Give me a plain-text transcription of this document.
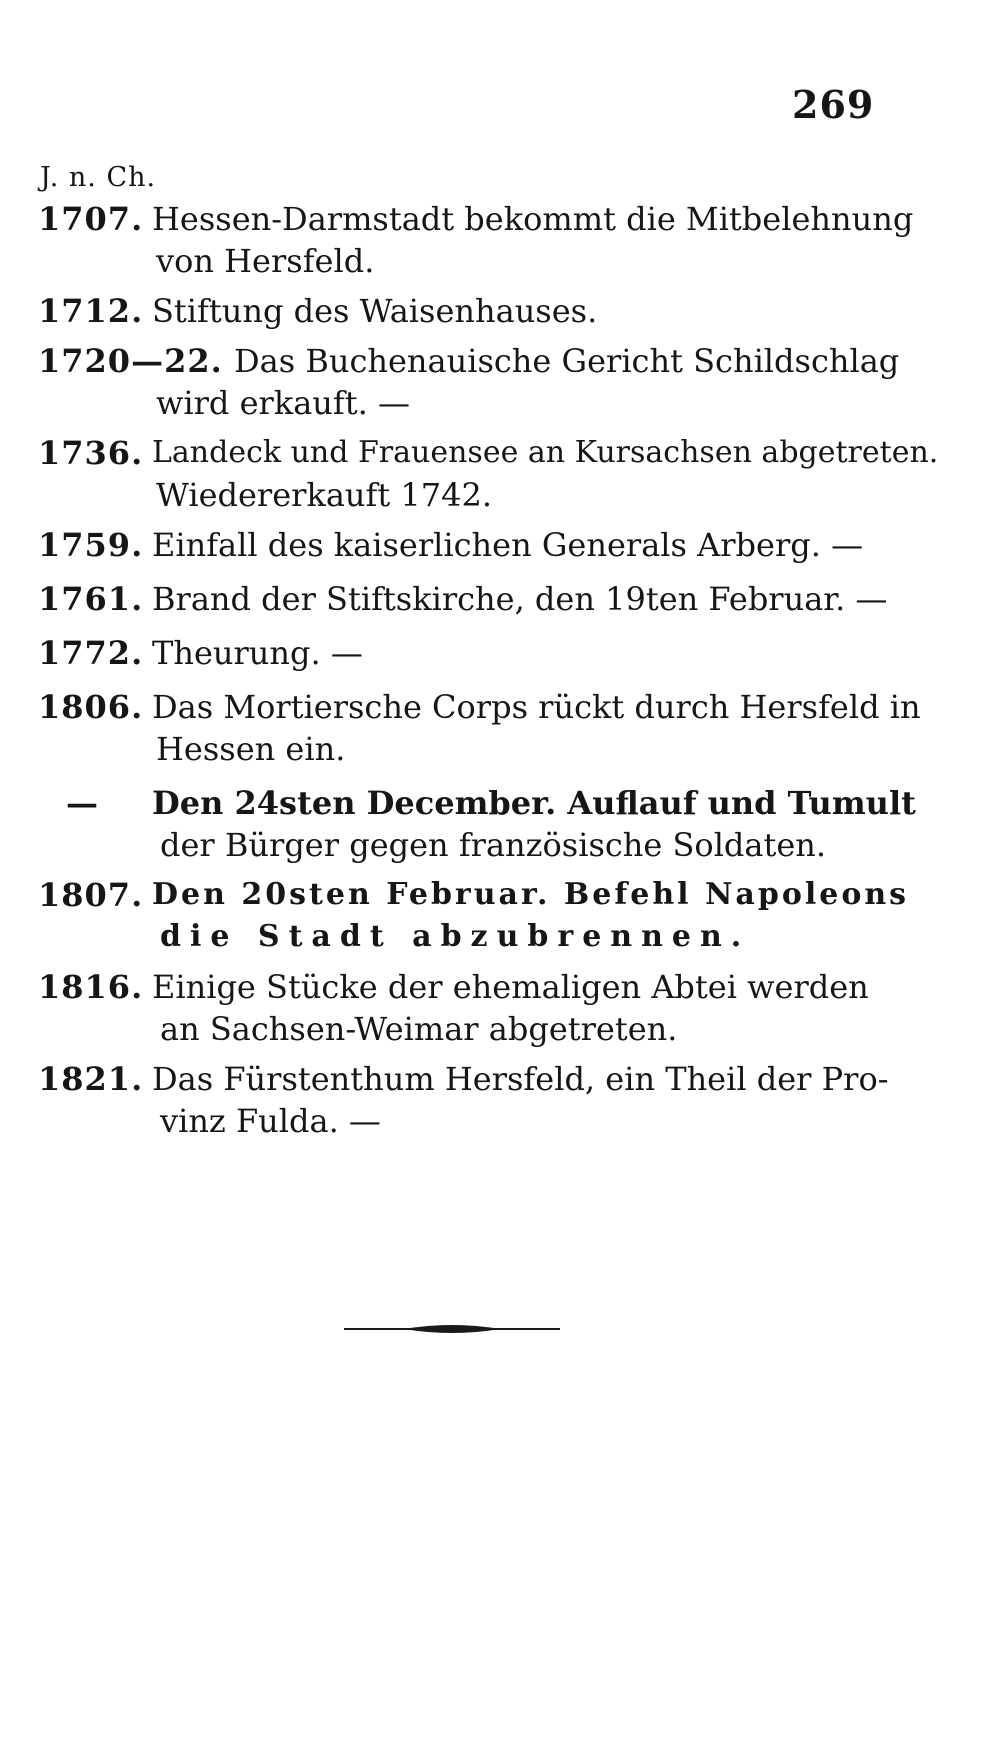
269
J. n. Ch.
1707. Hessen-Darmstadt bekommt die Mitbelehnung
von Hersfeld.
1712. Stiftung des Waisenhauses.
1720—22. Das Buchenauische Gericht Schildschlag
wird erkauft. —
1736. Landeck und Frauensee an Kursachsen abgetreten.
Wiedererkauft 1742.
1759. Einfall des kaiserlichen Generals Arberg. —
1761. Brand der Stiftskirche, den 19ten Februar. —
1772. Theurung. —
1806. Das Mortiersche Corps rückt durch Hersfeld in
Hessen ein.
—	Den 24sten December. Auflauf und Tumult
der Bürger gegen französische Soldaten.
1807. Den 20sten Februar. Befehl Napoleons
die Stadt abzubrennen.
1816. Einige Stücke der ehemaligen Abtei werden
an Sachsen-Weimar abgetreten.
1821. Das Fürstenthum Hersfeld, ein Theil der Pro-
vinz Fulda. —
